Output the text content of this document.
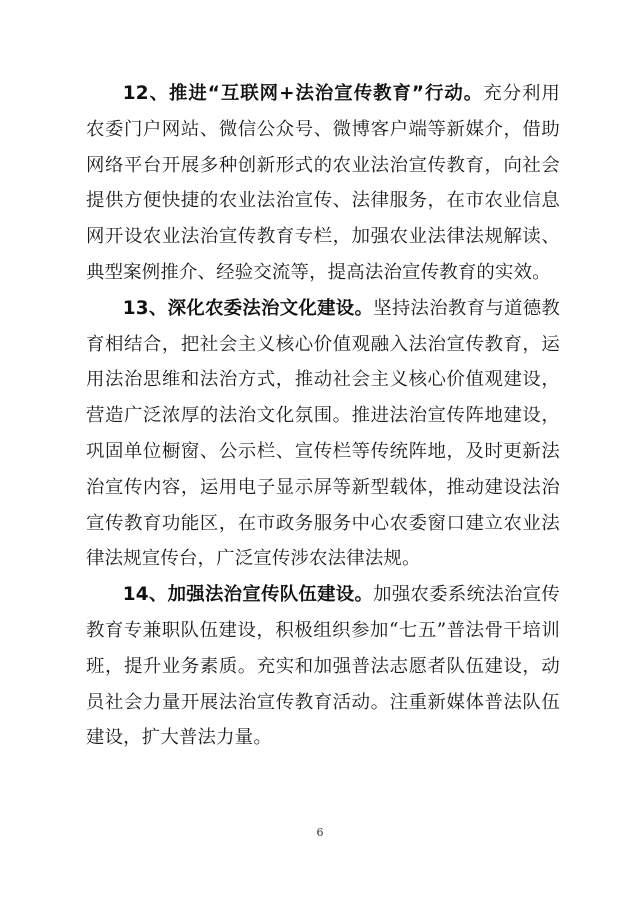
12、推进“互联网+法治宣传教育”行动。充分利用农委门户网站、微信公众号、微博客户端等新媒介，借助网络平台开展多种创新形式的农业法治宣传教育，向社会提供方便快捷的农业法治宣传、法律服务，在市农业信息网开设农业法治宣传教育专栏，加强农业法律法规解读、典型案例推介、经验交流等，提高法治宣传教育的实效。

13、深化农委法治文化建设。坚持法治教育与道德教育相结合，把社会主义核心价值观融入法治宣传教育，运用法治思维和法治方式，推动社会主义核心价值观建设，营造广泛浓厚的法治文化氛围。推进法治宣传阵地建设，巩固单位橱窗、公示栏、宣传栏等传统阵地，及时更新法治宣传内容，运用电子显示屏等新型载体，推动建设法治宣传教育功能区，在市政务服务中心农委窗口建立农业法律法规宣传台，广泛宣传涉农法律法规。

14、加强法治宣传队伍建设。加强农委系统法治宣传教育专兼职队伍建设，积极组织参加“七五”普法骨干培训班，提升业务素质。充实和加强普法志愿者队伍建设，动员社会力量开展法治宣传教育活动。注重新媒体普法队伍建设，扩大普法力量。

6
